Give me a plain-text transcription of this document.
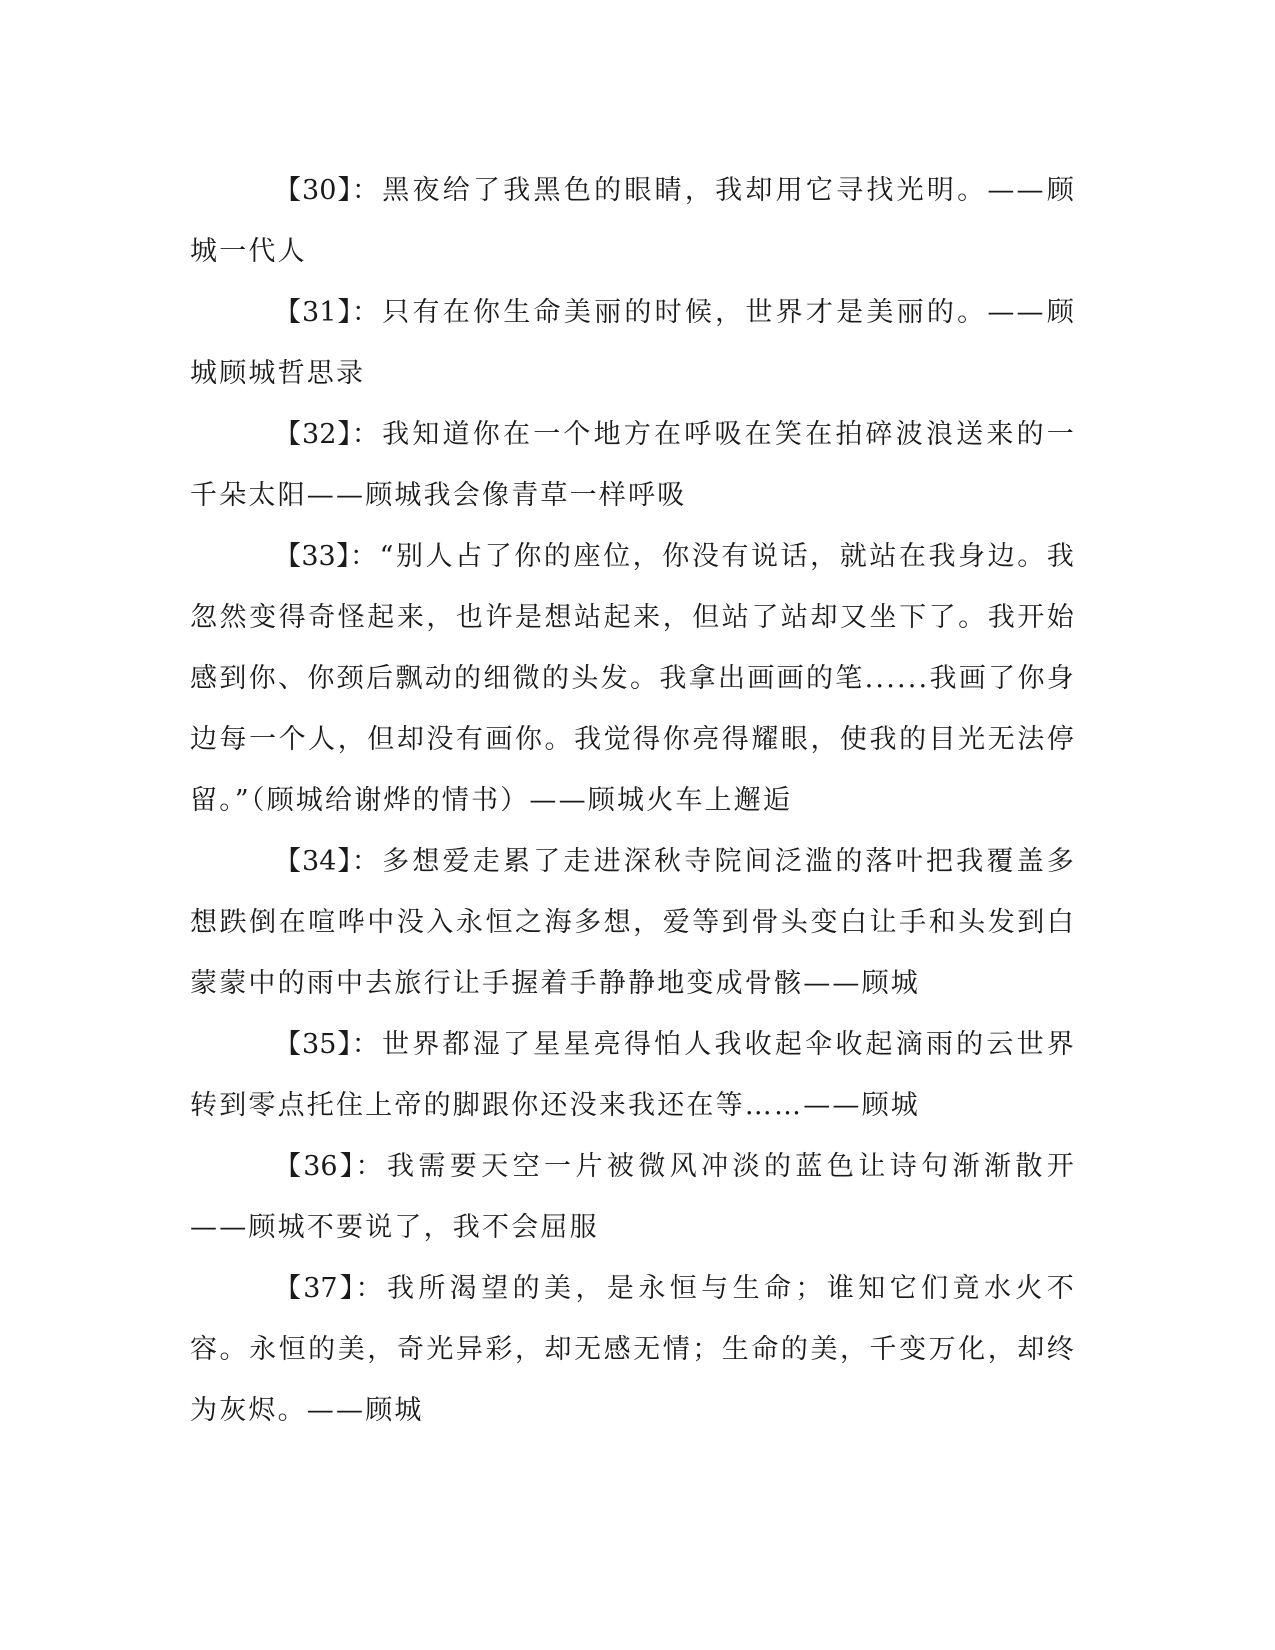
【30】：黑夜给了我黑色的眼睛，我却用它寻找光明。——顾城一代人

【31】：只有在你生命美丽的时候，世界才是美丽的。——顾城顾城哲思录

【32】：我知道你在一个地方在呼吸在笑在拍碎波浪送来的一千朵太阳——顾城我会像青草一样呼吸

【33】：“别人占了你的座位，你没有说话，就站在我身边。我忽然变得奇怪起来，也许是想站起来，但站了站却又坐下了。我开始感到你、你颈后飘动的细微的头发。我拿出画画的笔......我画了你身边每一个人，但却没有画你。我觉得你亮得耀眼，使我的目光无法停留。”（顾城给谢烨的情书）——顾城火车上邂逅

【34】：多想爱走累了走进深秋寺院间泛滥的落叶把我覆盖多想跌倒在喧哗中没入永恒之海多想，爱等到骨头变白让手和头发到白蒙蒙中的雨中去旅行让手握着手静静地变成骨骸——顾城

【35】：世界都湿了星星亮得怕人我收起伞收起滴雨的云世界转到零点托住上帝的脚跟你还没来我还在等……——顾城

【36】：我需要天空一片被微风冲淡的蓝色让诗句渐渐散开——顾城不要说了，我不会屈服

【37】：我所渴望的美，是永恒与生命；谁知它们竟水火不容。永恒的美，奇光异彩，却无感无情；生命的美，千变万化，却终为灰烬。——顾城
